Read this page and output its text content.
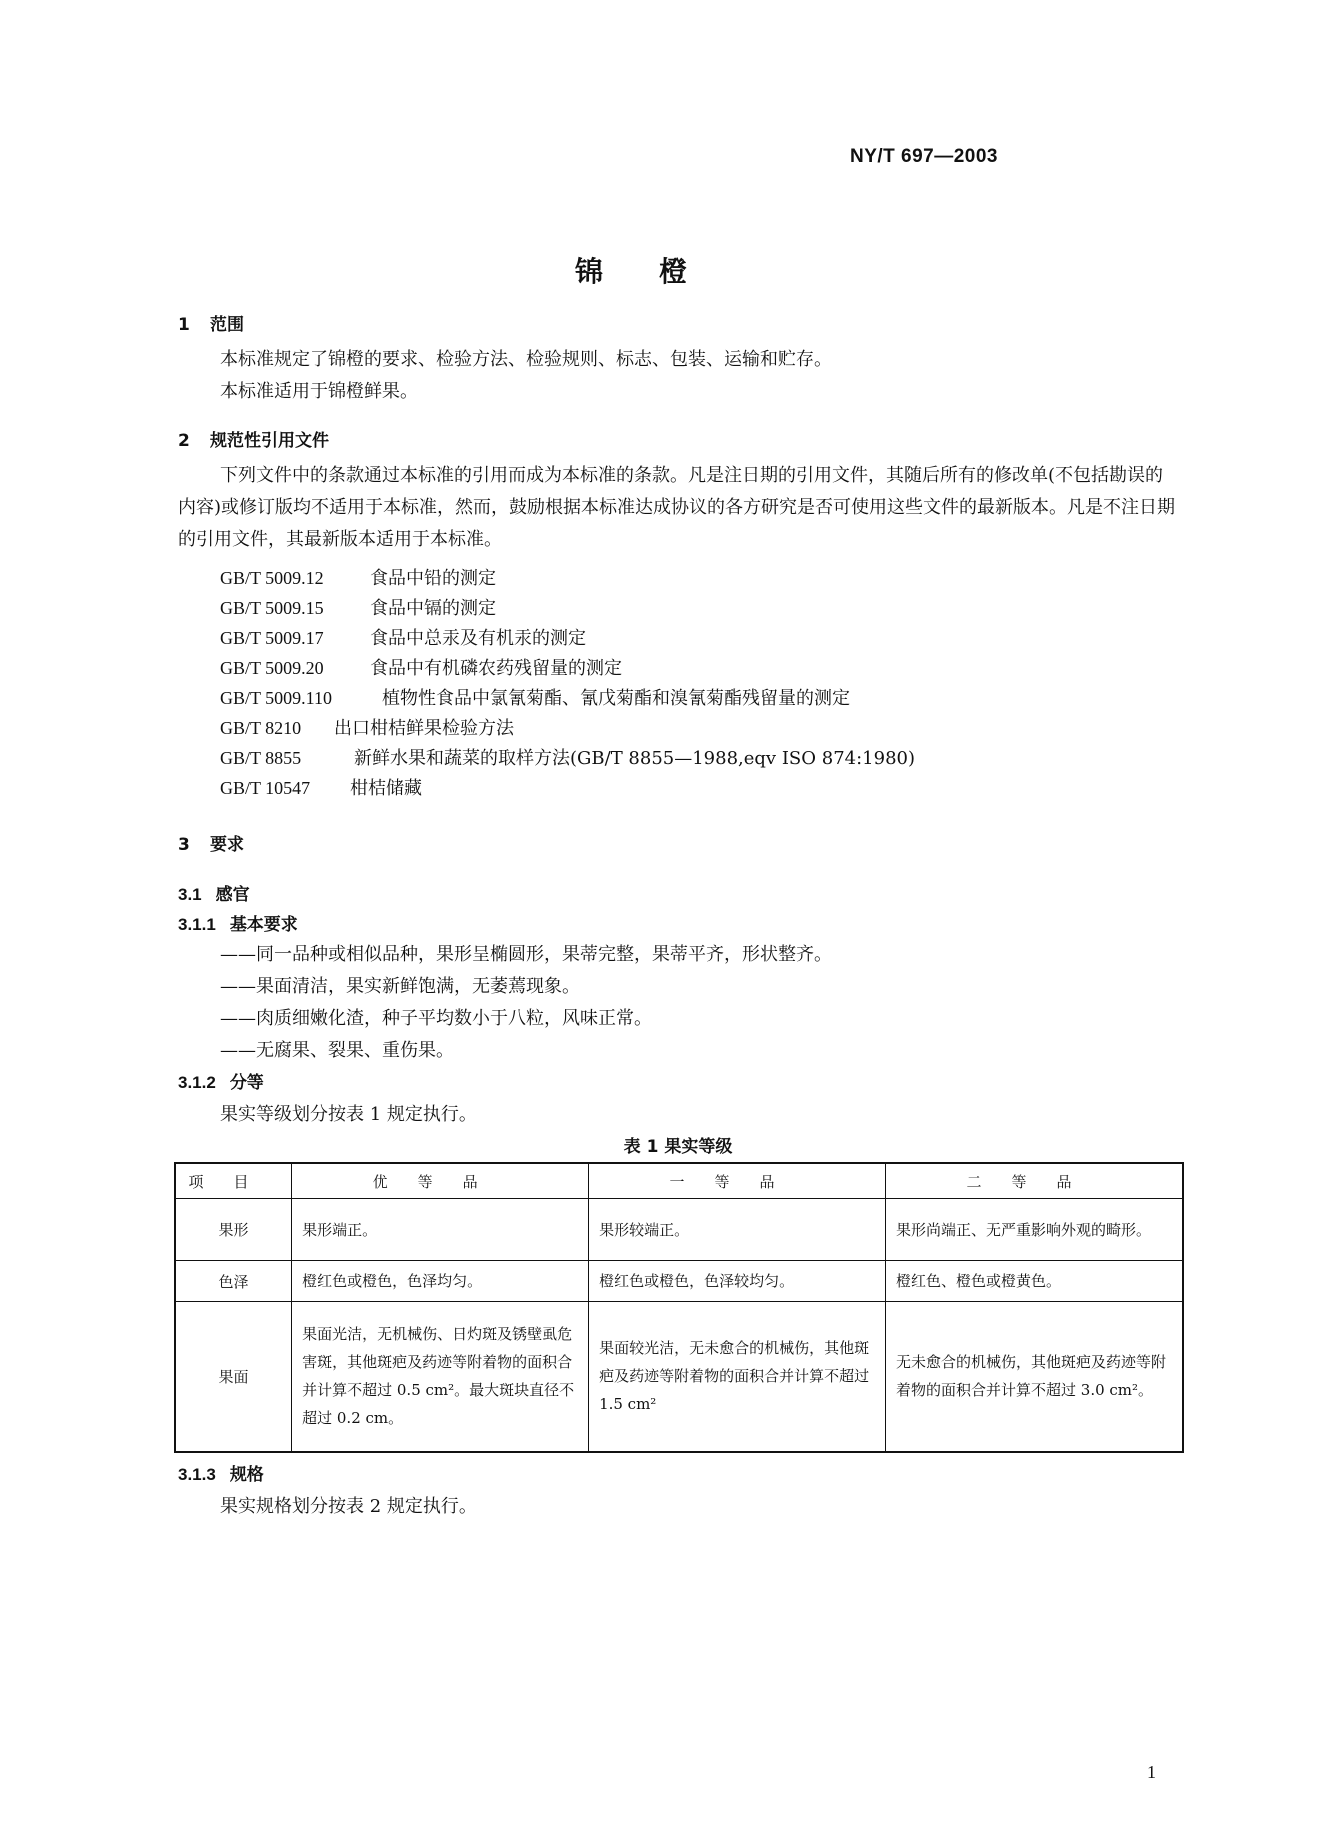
NY/T 697—2003
锦橙
1 范围
本标准规定了锦橙的要求、检验方法、检验规则、标志、包装、运输和贮存。
本标准适用于锦橙鲜果。
2 规范性引用文件
下列文件中的条款通过本标准的引用而成为本标准的条款。凡是注日期的引用文件，其随后所有的修改单(不包括勘误的内容)或修订版均不适用于本标准，然而，鼓励根据本标准达成协议的各方研究是否可使用这些文件的最新版本。凡是不注日期的引用文件，其最新版本适用于本标准。
GB/T 5009.12	食品中铅的测定
GB/T 5009.15	食品中镉的测定
GB/T 5009.17	食品中总汞及有机汞的测定
GB/T 5009.20	食品中有机磷农药残留量的测定
GB/T 5009.110	植物性食品中氯氰菊酯、氰戊菊酯和溴氰菊酯残留量的测定
GB/T 8210 出口柑桔鲜果检验方法
GB/T 8855	新鲜水果和蔬菜的取样方法(GB/T 8855—1988,eqv ISO 874:1980)
GB/T 10547 柑桔储藏
3 要求
3.1 感官
3.1.1 基本要求
——同一品种或相似品种，果形呈椭圆形，果蒂完整，果蒂平齐，形状整齐。
——果面清洁，果实新鲜饱满，无萎蔫现象。
——肉质细嫩化渣，种子平均数小于八粒，风味正常。
——无腐果、裂果、重伤果。
3.1.2 分等
果实等级划分按表 1 规定执行。
表 1 果实等级
项目	优等品	一等品	二等品
果形	果形端正。	果形较端正。	果形尚端正、无严重影响外观的畸形。
色泽	橙红色或橙色，色泽均匀。	橙红色或橙色，色泽较均匀。	橙红色、橙色或橙黄色。
果面	果面光洁，无机械伤、日灼斑及锈壁虱危害斑，其他斑疤及药迹等附着物的面积合并计算不超过 0.5 cm²。最大斑块直径不超过 0.2 cm。	果面较光洁，无未愈合的机械伤，其他斑疤及药迹等附着物的面积合并计算不超过 1.5 cm²	无未愈合的机械伤，其他斑疤及药迹等附着物的面积合并计算不超过 3.0 cm²。
3.1.3 规格
果实规格划分按表 2 规定执行。
1
